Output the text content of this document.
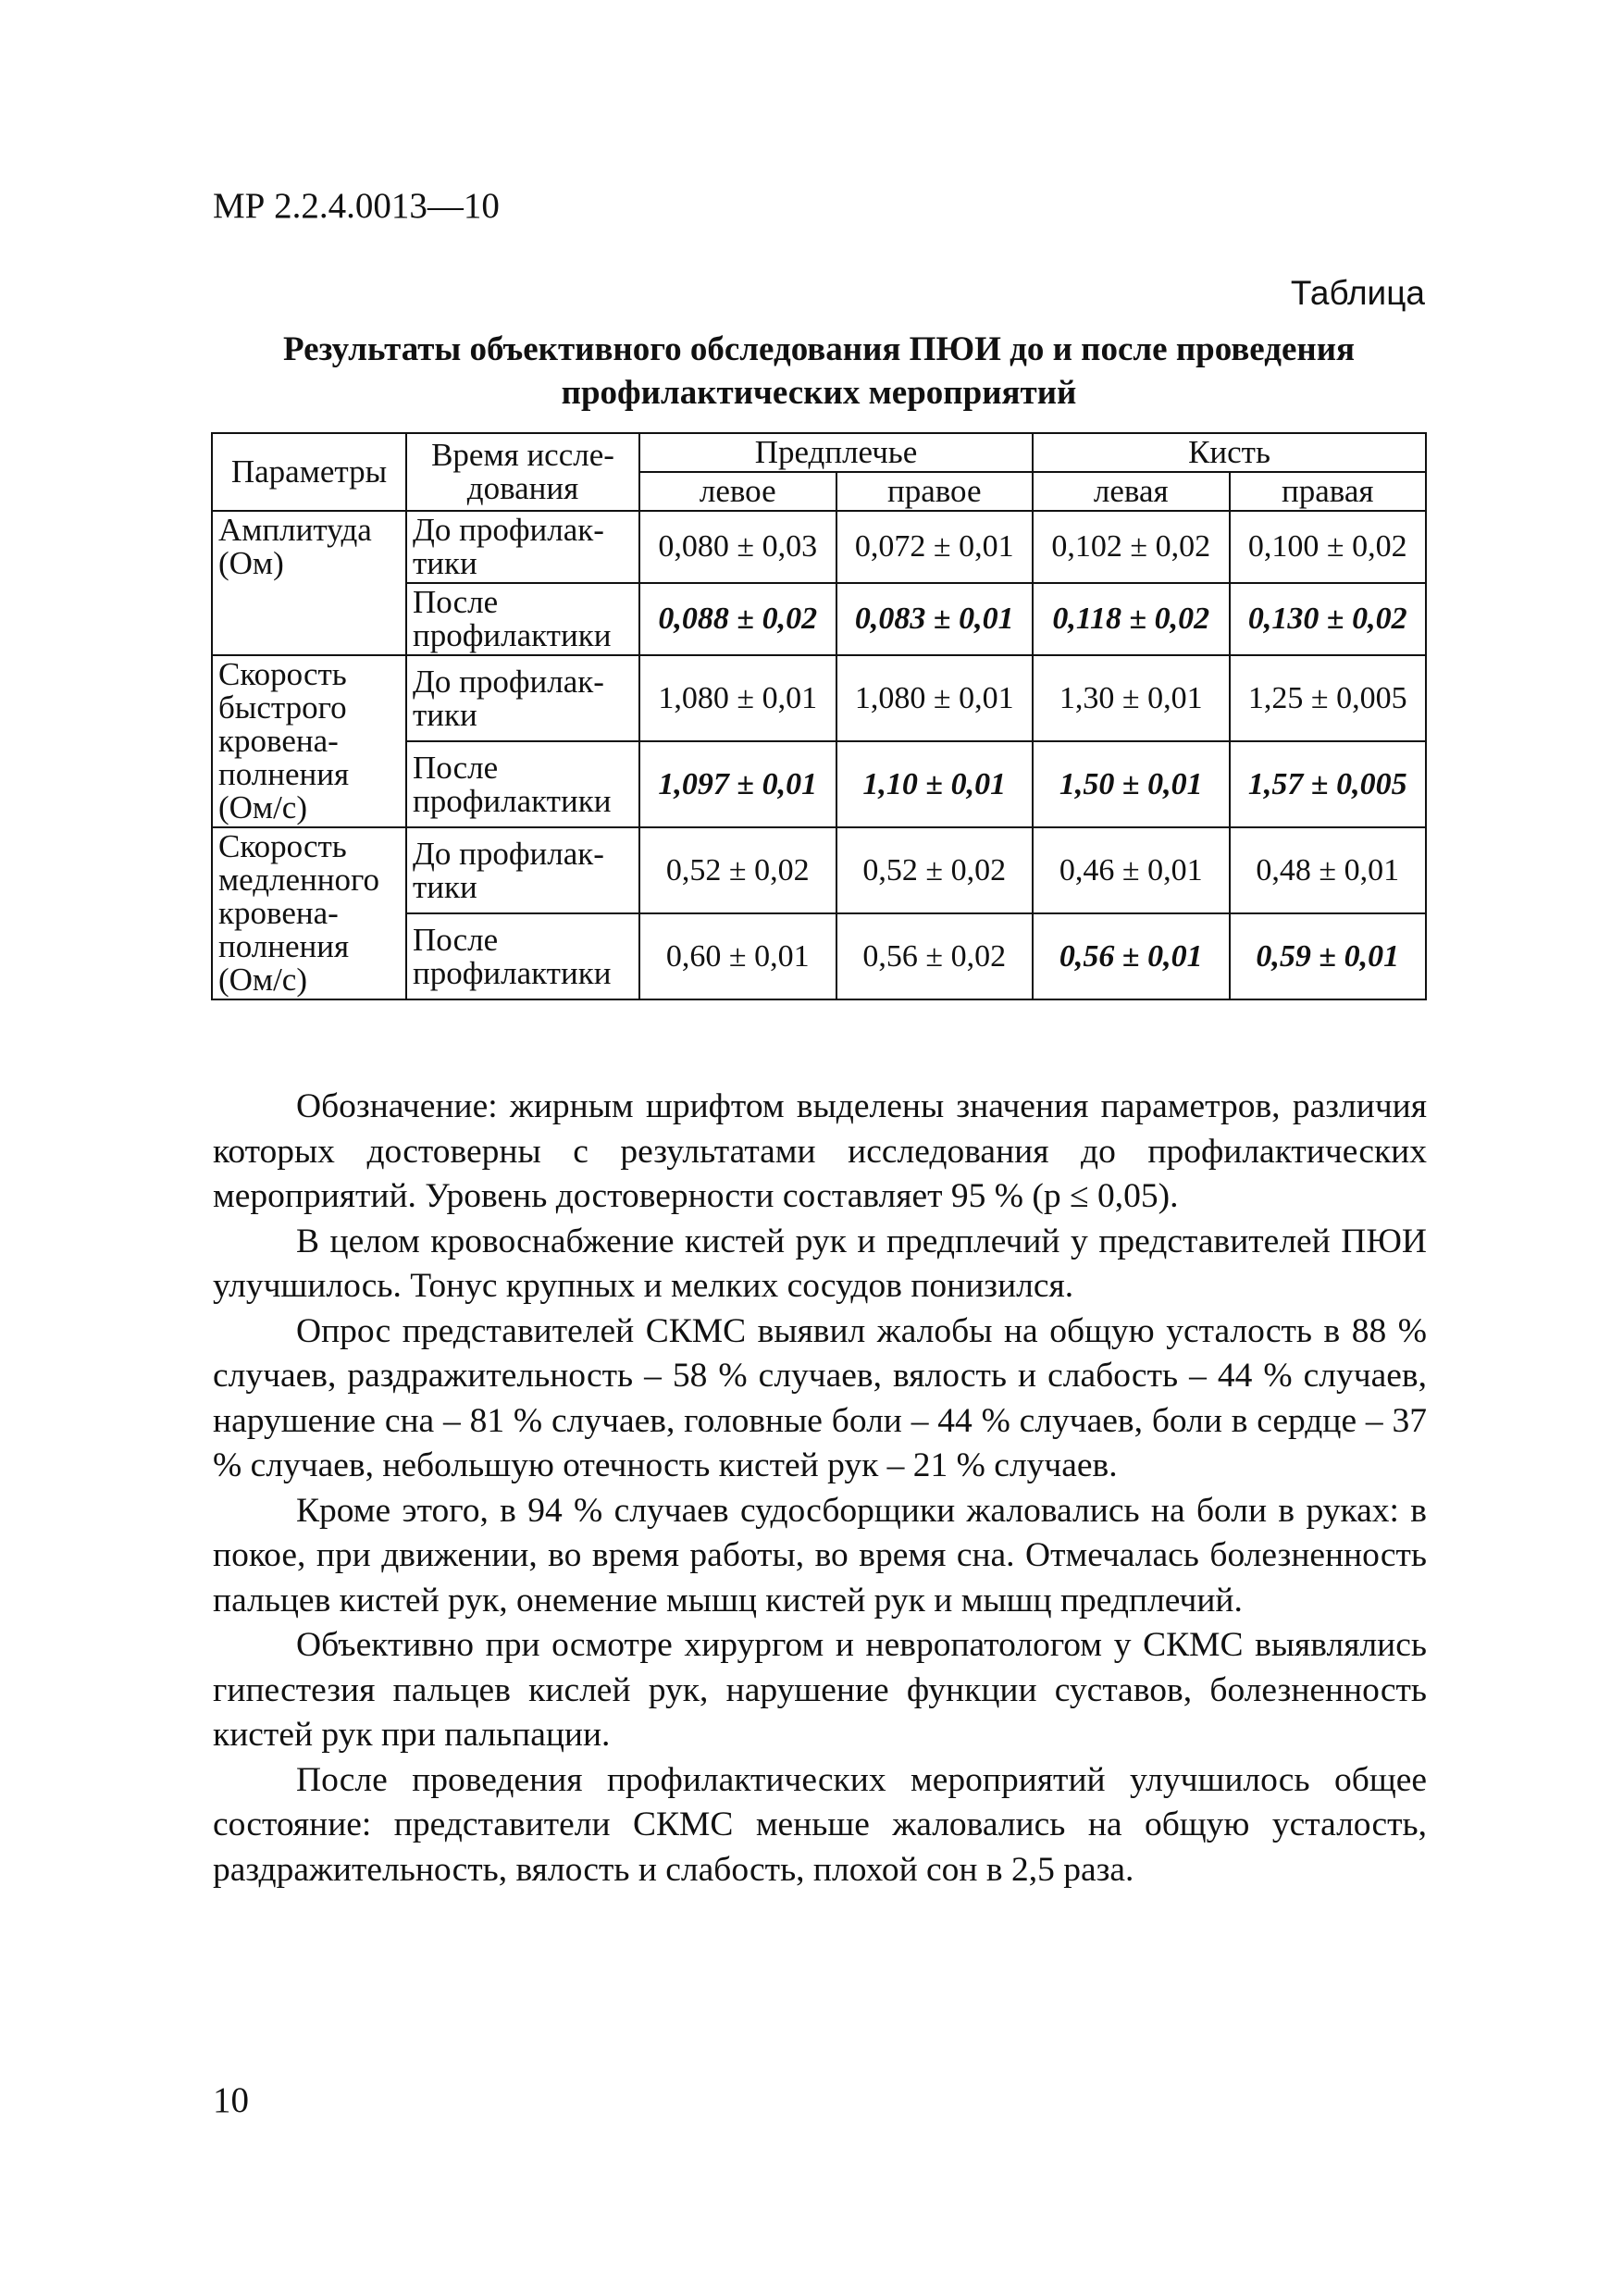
МР 2.2.4.0013—10
Таблица
Результаты объективного обследования ПЮИ до и после проведения профилактических мероприятий
Параметры	Время иссле-дования	Предплечье		Кисть	
		левое	правое	левая	правая
Амплитуда (Ом)	До профилак-тики	0,080 ± 0,03	0,072 ± 0,01	0,102 ± 0,02	0,100 ± 0,02
	После профилактики	0,088 ± 0,02	0,083 ± 0,01	0,118 ± 0,02	0,130 ± 0,02
Скорость быстрого кровена-полнения (Ом/с)	До профилак-тики	1,080 ± 0,01	1,080 ± 0,01	1,30 ± 0,01	1,25 ± 0,005
	После профилактики	1,097 ± 0,01	1,10 ± 0,01	1,50 ± 0,01	1,57 ± 0,005
Скорость медленного кровена-полнения (Ом/с)	До профилак-тики	0,52 ± 0,02	0,52 ± 0,02	0,46 ± 0,01	0,48 ± 0,01
	После профилактики	0,60 ± 0,01	0,56 ± 0,02	0,56 ± 0,01	0,59 ± 0,01

Обозначение: жирным шрифтом выделены значения параметров, различия которых достоверны с результатами исследования до профилактических мероприятий. Уровень достоверности составляет 95 % (р ≤ 0,05).

В целом кровоснабжение кистей рук и предплечий у представителей ПЮИ улучшилось. Тонус крупных и мелких сосудов понизился.

Опрос представителей СКМС выявил жалобы на общую усталость в 88 % случаев, раздражительность – 58 % случаев, вялость и слабость – 44 % случаев, нарушение сна – 81 % случаев, головные боли – 44 % случаев, боли в сердце – 37 % случаев, небольшую отечность кистей рук – 21 % случаев.

Кроме этого, в 94 % случаев судосборщики жаловались на боли в руках: в покое, при движении, во время работы, во время сна. Отмечалась болезненность пальцев кистей рук, онемение мышц кистей рук и мышц предплечий.

Объективно при осмотре хирургом и невропатологом у СКМС выявлялись гипестезия пальцев кислей рук, нарушение функции суставов, болезненность кистей рук при пальпации.

После проведения профилактических мероприятий улучшилось общее состояние: представители СКМС меньше жаловались на общую усталость, раздражительность, вялость и слабость, плохой сон в 2,5 раза.

10
